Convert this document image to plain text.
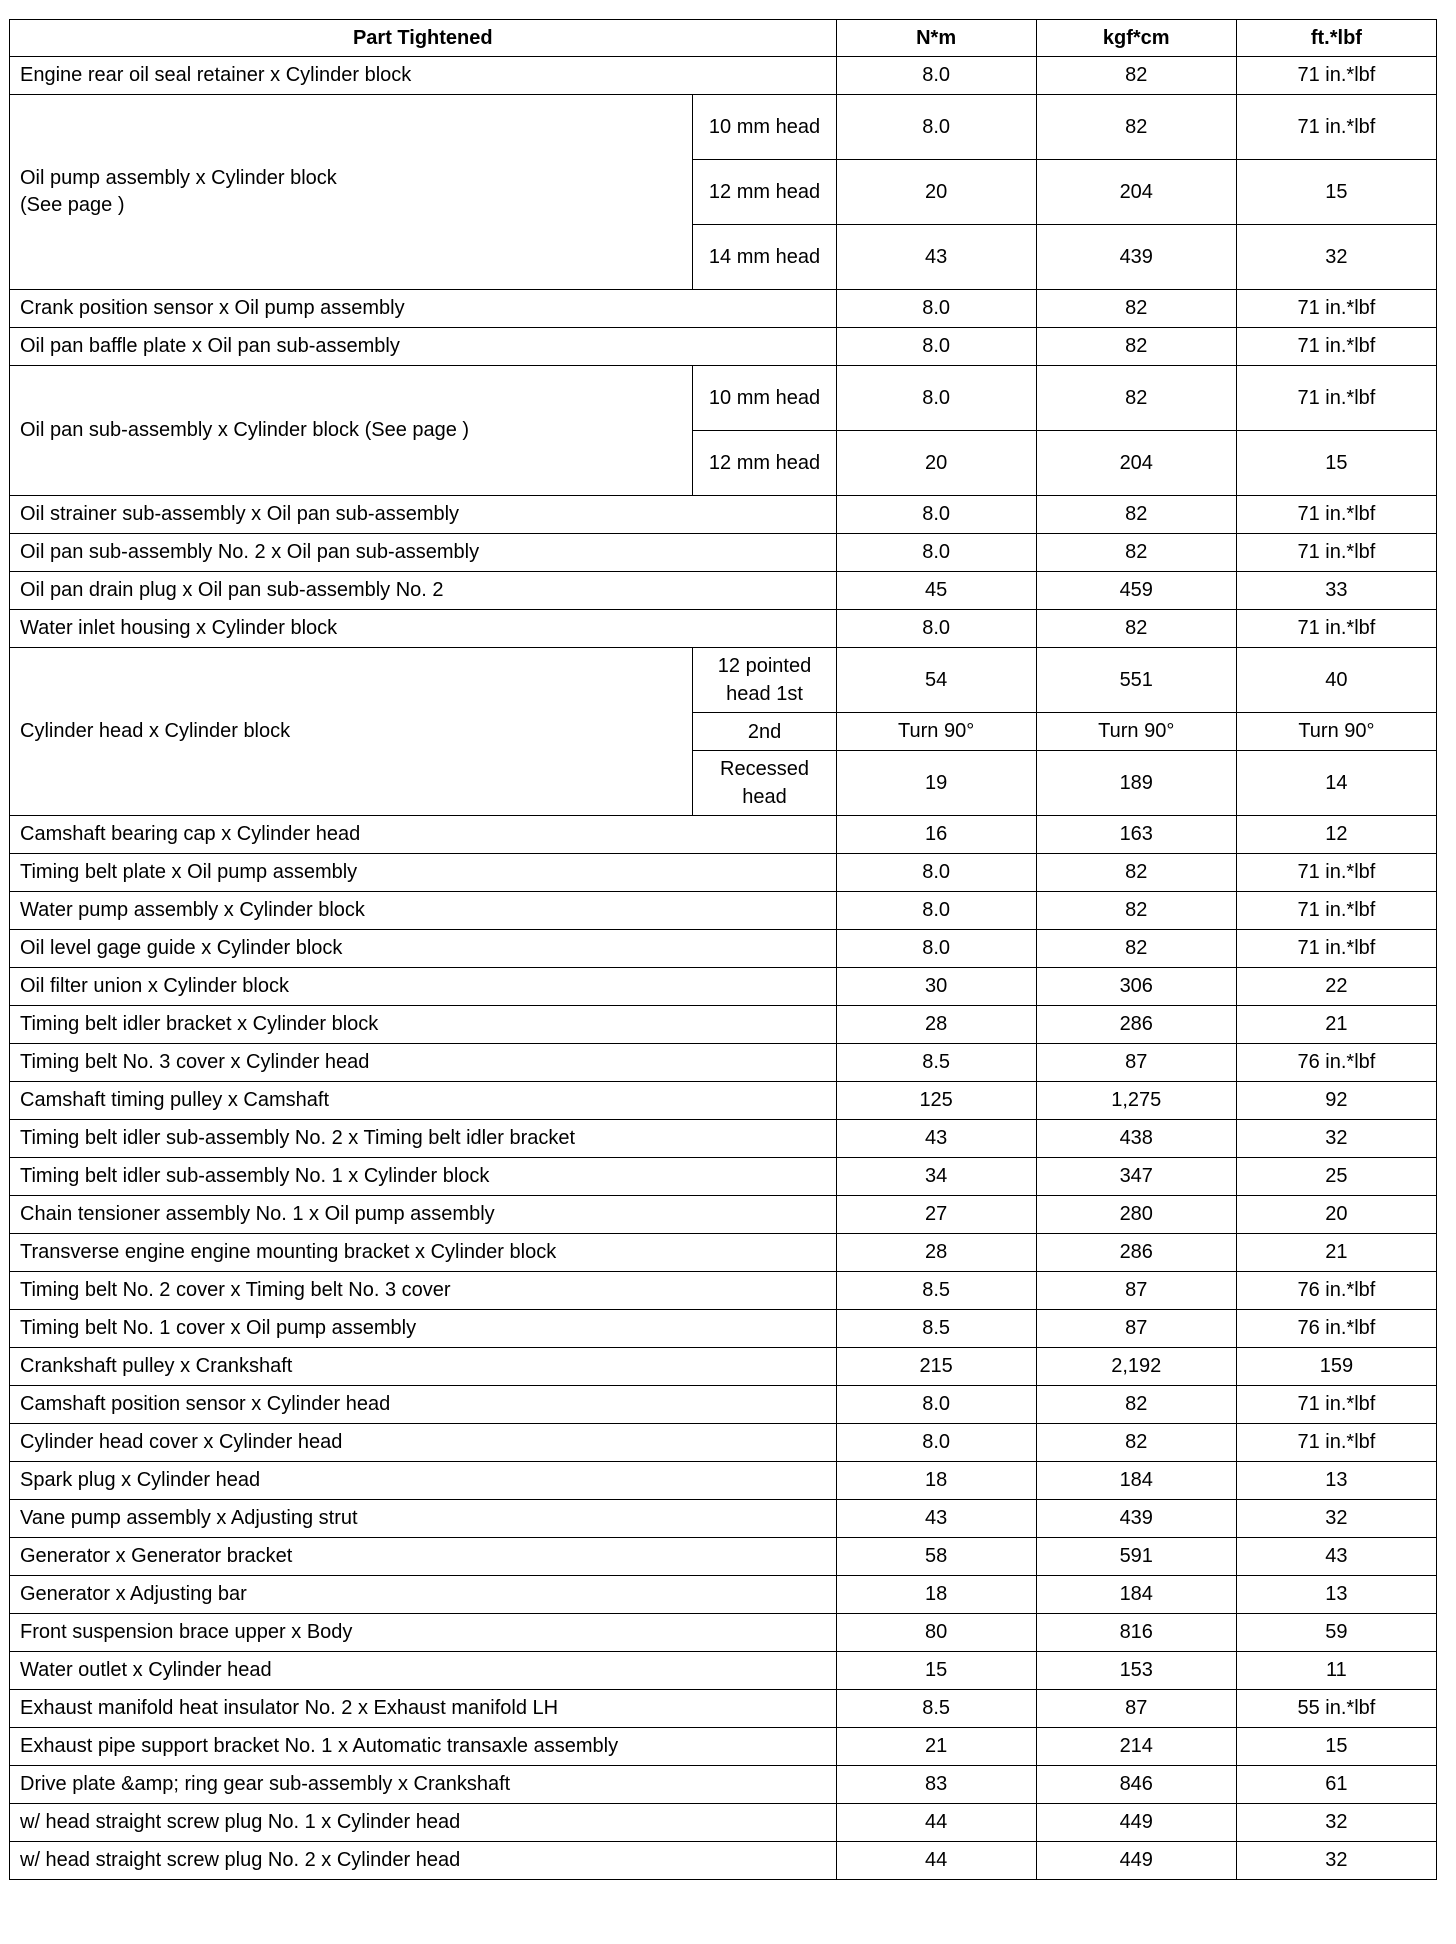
Part Tightened		N*m	kgf*cm	ft.*lbf
Engine rear oil seal retainer x Cylinder block		8.0	82	71 in.*lbf
Oil pump assembly x Cylinder block
(See page )	10 mm head	8.0	82	71 in.*lbf
	12 mm head	20	204	15
	14 mm head	43	439	32
Crank position sensor x Oil pump assembly		8.0	82	71 in.*lbf
Oil pan baffle plate x Oil pan sub-assembly		8.0	82	71 in.*lbf
Oil pan sub-assembly x Cylinder block (See page )	10 mm head	8.0	82	71 in.*lbf
	12 mm head	20	204	15
Oil strainer sub-assembly x Oil pan sub-assembly		8.0	82	71 in.*lbf
Oil pan sub-assembly No. 2 x Oil pan sub-assembly		8.0	82	71 in.*lbf
Oil pan drain plug x Oil pan sub-assembly No. 2		45	459	33
Water inlet housing x Cylinder block		8.0	82	71 in.*lbf
Cylinder head x Cylinder block	12 pointed head 1st	54	551	40
	2nd	Turn 90°	Turn 90°	Turn 90°
	Recessed head	19	189	14
Camshaft bearing cap x Cylinder head		16	163	12
Timing belt plate x Oil pump assembly		8.0	82	71 in.*lbf
Water pump assembly x Cylinder block		8.0	82	71 in.*lbf
Oil level gage guide x Cylinder block		8.0	82	71 in.*lbf
Oil filter union x Cylinder block		30	306	22
Timing belt idler bracket x Cylinder block		28	286	21
Timing belt No. 3 cover x Cylinder head		8.5	87	76 in.*lbf
Camshaft timing pulley x Camshaft		125	1,275	92
Timing belt idler sub-assembly No. 2 x Timing belt idler bracket		43	438	32
Timing belt idler sub-assembly No. 1 x Cylinder block		34	347	25
Chain tensioner assembly No. 1 x Oil pump assembly		27	280	20
Transverse engine engine mounting bracket x Cylinder block		28	286	21
Timing belt No. 2 cover x Timing belt No. 3 cover		8.5	87	76 in.*lbf
Timing belt No. 1 cover x Oil pump assembly		8.5	87	76 in.*lbf
Crankshaft pulley x Crankshaft		215	2,192	159
Camshaft position sensor x Cylinder head		8.0	82	71 in.*lbf
Cylinder head cover x Cylinder head		8.0	82	71 in.*lbf
Spark plug x Cylinder head		18	184	13
Vane pump assembly x Adjusting strut		43	439	32
Generator x Generator bracket		58	591	43
Generator x Adjusting bar		18	184	13
Front suspension brace upper x Body		80	816	59
Water outlet x Cylinder head		15	153	11
Exhaust manifold heat insulator No. 2 x Exhaust manifold LH		8.5	87	55 in.*lbf
Exhaust pipe support bracket No. 1 x Automatic transaxle assembly		21	214	15
Drive plate &amp; ring gear sub-assembly x Crankshaft		83	846	61
w/ head straight screw plug No. 1 x Cylinder head		44	449	32
w/ head straight screw plug No. 2 x Cylinder head		44	449	32
